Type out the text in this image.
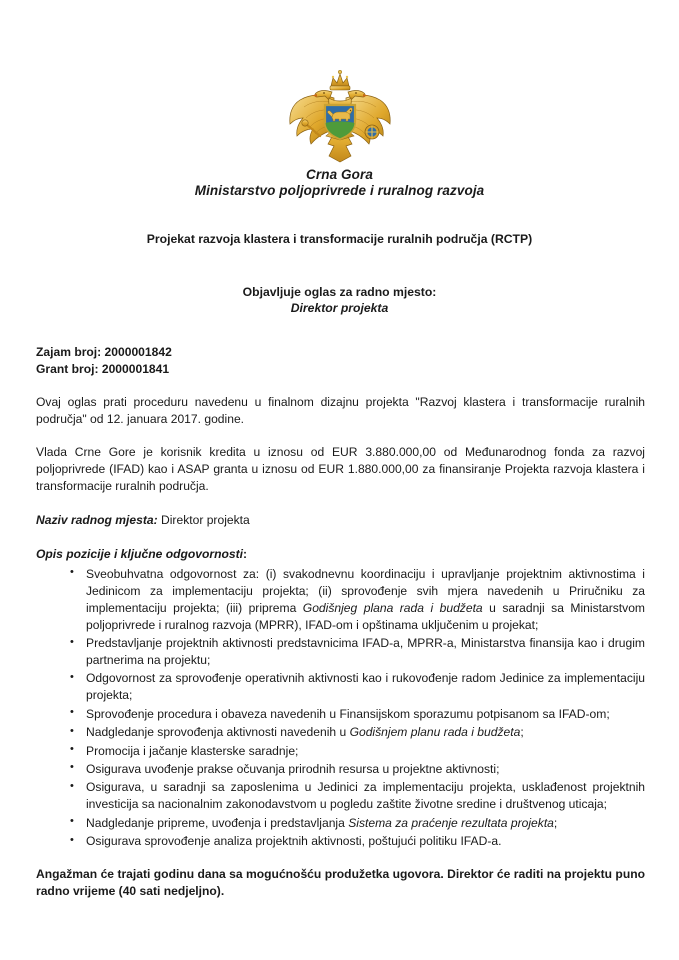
Crna Gora
Ministarstvo poljoprivrede i ruralnog razvoja
Projekat razvoja klastera i transformacije ruralnih područja (RCTP)
Objavljuje oglas za radno mjesto:
Direktor projekta
Zajam broj: 2000001842
Grant broj: 2000001841

Ovaj oglas prati proceduru navedenu u finalnom dizajnu projekta "Razvoj klastera i transformacije ruralnih područja" od 12. januara 2017. godine.

Vlada Crne Gore je korisnik kredita u iznosu od EUR 3.880.000,00 od Međunarodnog fonda za razvoj poljoprivrede (IFAD) kao i ASAP granta u iznosu od EUR 1.880.000,00 za finansiranje Projekta razvoja klastera i transformacije ruralnih područja.

Naziv radnog mjesta: Direktor projekta

Opis pozicije i ključne odgovornosti:

• Sveobuhvatna odgovornost za: (i) svakodnevnu koordinaciju i upravljanje projektnim aktivnostima i Jedinicom za implementaciju projekta; (ii) sprovođenje svih mjera navedenih u Priručniku za implementaciju projekta; (iii) priprema Godišnjeg plana rada i budžeta u saradnji sa Ministarstvom poljoprivrede i ruralnog razvoja (MPRR), IFAD-om i opštinama uključenim u projekat;
• Predstavljanje projektnih aktivnosti predstavnicima IFAD-a, MPRR-a, Ministarstva finansija kao i drugim partnerima na projektu;
• Odgovornost za sprovođenje operativnih aktivnosti kao i rukovođenje radom Jedinice za implementaciju projekta;
• Sprovođenje procedura i obaveza navedenih u Finansijskom sporazumu potpisanom sa IFAD-om;
• Nadgledanje sprovođenja aktivnosti navedenih u Godišnjem planu rada i budžeta;
• Promocija i jačanje klasterske saradnje;
• Osigurava uvođenje prakse očuvanja prirodnih resursa u projektne aktivnosti;
• Osigurava, u saradnji sa zaposlenima u Jedinici za implementaciju projekta, usklađenost projektnih investicija sa nacionalnim zakonodavstvom u pogledu zaštite životne sredine i društvenog uticaja;
• Nadgledanje pripreme, uvođenja i predstavljanja Sistema za praćenje rezultata projekta;
• Osigurava sprovođenje analiza projektnih aktivnosti, poštujući politiku IFAD-a.

Angažman će trajati godinu dana sa mogućnošću produžetka ugovora. Direktor će raditi na projektu puno radno vrijeme (40 sati nedjeljno).
